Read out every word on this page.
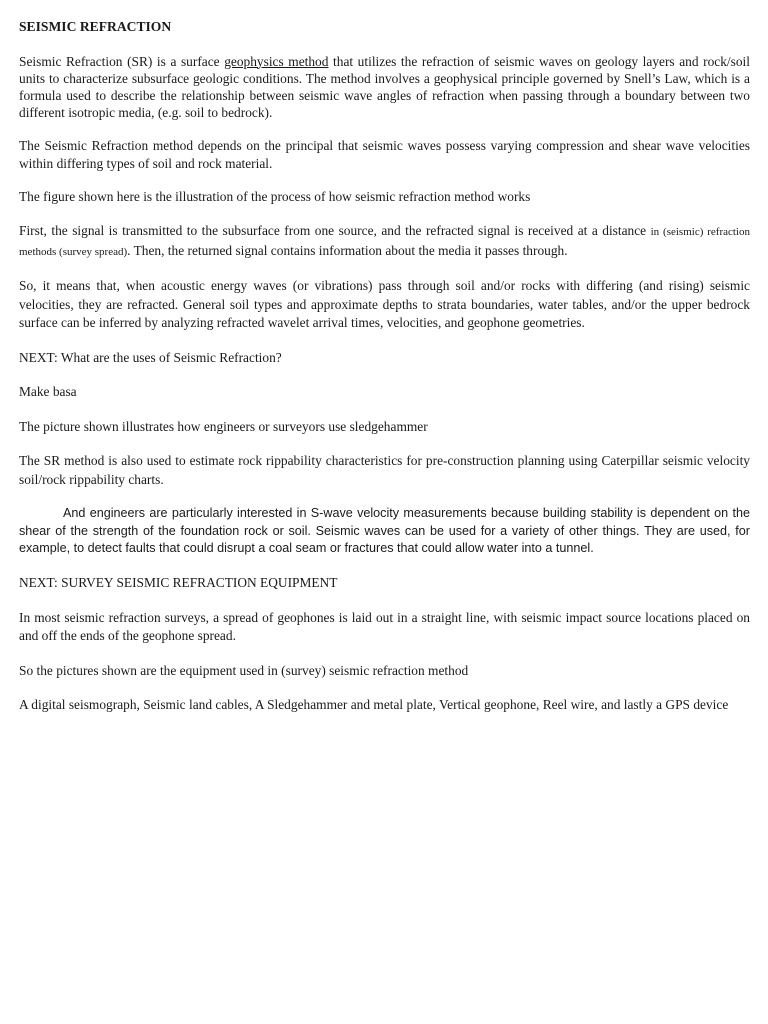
SEISMIC REFRACTION

Seismic Refraction (SR) is a surface geophysics method that utilizes the refraction of seismic waves on geology layers and rock/soil units to characterize subsurface geologic conditions. The method involves a geophysical principle governed by Snell’s Law, which is a formula used to describe the relationship between seismic wave angles of refraction when passing through a boundary between two different isotropic media, (e.g. soil to bedrock).

The Seismic Refraction method depends on the principal that seismic waves possess varying compression and shear wave velocities within differing types of soil and rock material.

The figure shown here is the illustration of the process of how seismic refraction method works

First, the signal is transmitted to the subsurface from one source, and the refracted signal is received at a distance in (seismic) refraction methods (survey spread). Then, the returned signal contains information about the media it passes through.

So, it means that, when acoustic energy waves (or vibrations) pass through soil and/or rocks with differing (and rising) seismic velocities, they are refracted. General soil types and approximate depths to strata boundaries, water tables, and/or the upper bedrock surface can be inferred by analyzing refracted wavelet arrival times, velocities, and geophone geometries.

NEXT: What are the uses of Seismic Refraction?

Make basa

The picture shown illustrates how engineers or surveyors use sledgehammer

The SR method is also used to estimate rock rippability characteristics for pre-construction planning using Caterpillar seismic velocity soil/rock rippability charts.

And engineers are particularly interested in S-wave velocity measurements because building stability is dependent on the shear of the strength of the foundation rock or soil. Seismic waves can be used for a variety of other things. They are used, for example, to detect faults that could disrupt a coal seam or fractures that could allow water into a tunnel.

NEXT: SURVEY SEISMIC REFRACTION EQUIPMENT

In most seismic refraction surveys, a spread of geophones is laid out in a straight line, with seismic impact source locations placed on and off the ends of the geophone spread.

So the pictures shown are the equipment used in (survey) seismic refraction method

A digital seismograph, Seismic land cables, A Sledgehammer and metal plate, Vertical geophone, Reel wire, and lastly a GPS device
